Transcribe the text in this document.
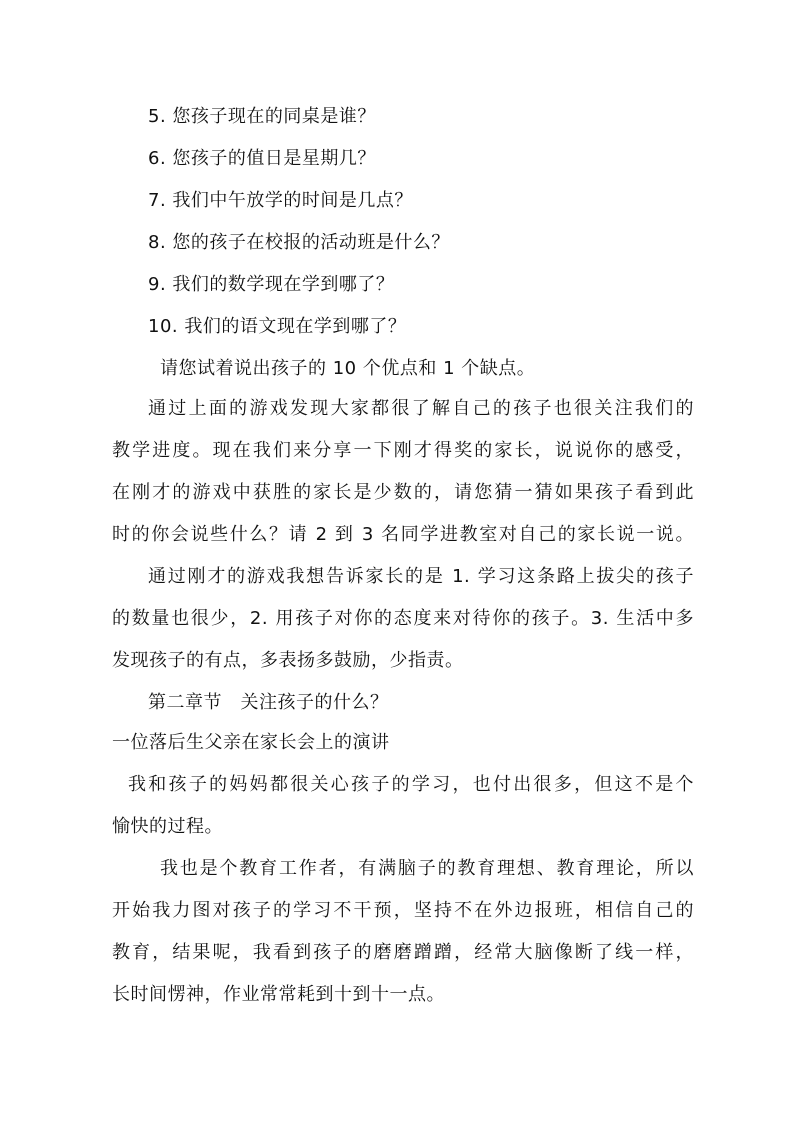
5. 您孩子现在的同桌是谁？
6. 您孩子的值日是星期几？
7. 我们中午放学的时间是几点？
8. 您的孩子在校报的活动班是什么？
9. 我们的数学现在学到哪了？
10. 我们的语文现在学到哪了？
请您试着说出孩子的 10 个优点和 1 个缺点。
通过上面的游戏发现大家都很了解自己的孩子也很关注我们的
教学进度。现在我们来分享一下刚才得奖的家长，说说你的感受，
在刚才的游戏中获胜的家长是少数的，请您猜一猜如果孩子看到此
时的你会说些什么？请 2 到 3 名同学进教室对自己的家长说一说。
通过刚才的游戏我想告诉家长的是 1. 学习这条路上拔尖的孩子
的数量也很少，2. 用孩子对你的态度来对待你的孩子。3. 生活中多
发现孩子的有点，多表扬多鼓励，少指责。
第二章节　关注孩子的什么？
一位落后生父亲在家长会上的演讲
我和孩子的妈妈都很关心孩子的学习，也付出很多，但这不是个
愉快的过程。
我也是个教育工作者，有满脑子的教育理想、教育理论，所以
开始我力图对孩子的学习不干预，坚持不在外边报班，相信自己的
教育，结果呢，我看到孩子的磨磨蹭蹭，经常大脑像断了线一样，
长时间愣神，作业常常耗到十到十一点。
